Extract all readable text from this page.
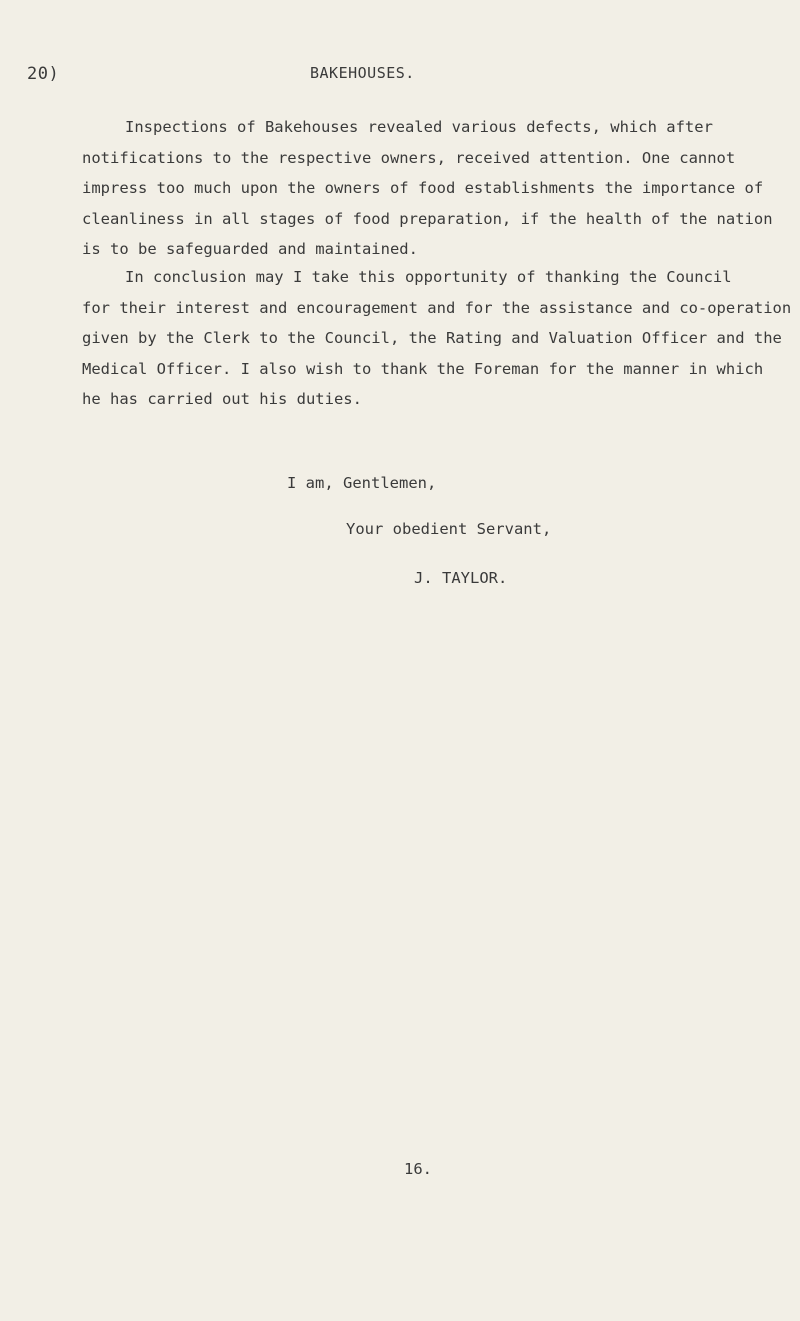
20)	BAKEHOUSES.
Inspections of Bakehouses revealed various defects, which after
notifications to the respective owners, received attention. One cannot
impress too much upon the owners of food establishments the importance of
cleanliness in all stages of food preparation, if the health of the nation
is to be safeguarded and maintained.
In conclusion may I take this opportunity of thanking the Council
for their interest and encouragement and for the assistance and co-operation
given by the Clerk to the Council, the Rating and Valuation Officer and the
Medical Officer. I also wish to thank the Foreman for the manner in which
he has carried out his duties.
I am, Gentlemen,
Your obedient Servant,
J. TAYLOR.
16.
